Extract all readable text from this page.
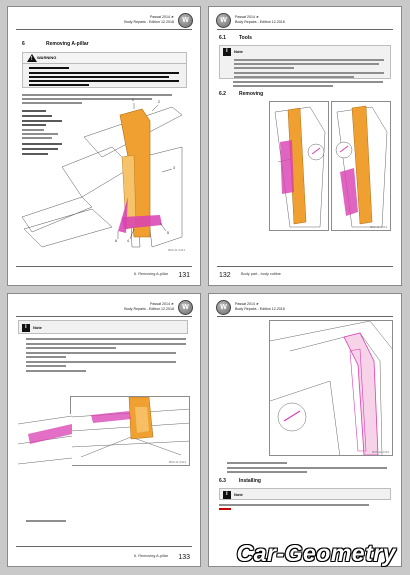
W
Passat 2014 ➤
Body Repairs - Edition 12.2018
6	Removing A-pillar
!
WARNING
1	2
3
4
5
6
B00-11 0411
6. Removing A-pillar 131
W	Passat 2014 ➤
Body Repairs - Edition 12.2018
6.1	Tools
i
Note
6.2	Removing
B00-11 0413
132	Body part - body cutline
W
Passat 2014 ➤
Body Repairs - Edition 12.2018
i
Note
B00-11 0414
6. Removing A-pillar 133
W	Passat 2014 ➤
Body Repairs - Edition 12.2018
B00-11 0415
6.3	Installing
i
Note
Car-Geometry
